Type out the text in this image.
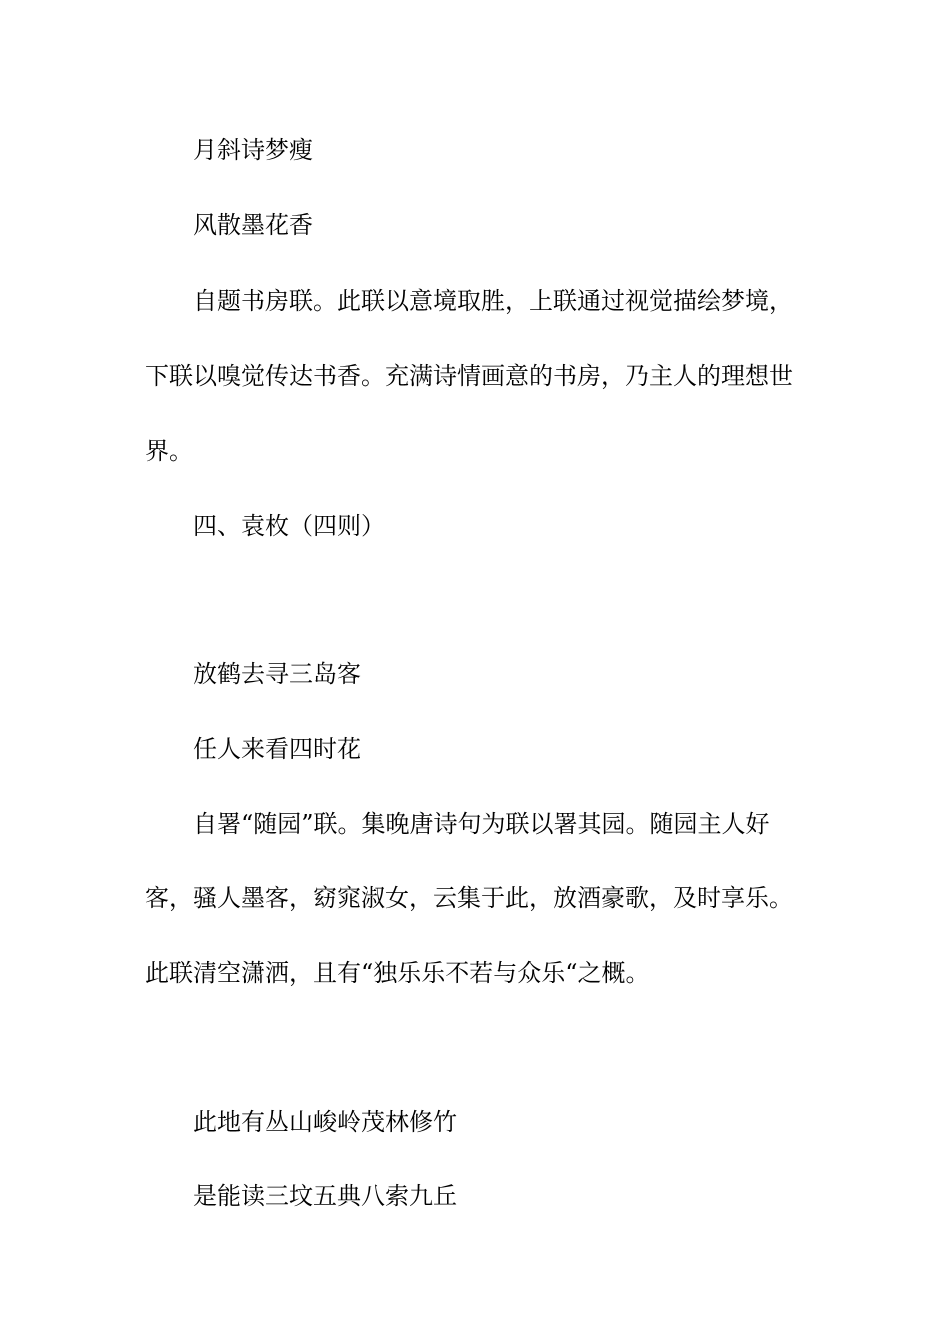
月斜诗梦瘦
风散墨花香
自题书房联。此联以意境取胜，上联通过视觉描绘梦境，
下联以嗅觉传达书香。充满诗情画意的书房，乃主人的理想世
界。
四、袁枚（四则）
放鹤去寻三岛客
任人来看四时花
自署“随园”联。集晚唐诗句为联以署其园。随园主人好
客，骚人墨客，窈窕淑女，云集于此，放酒豪歌，及时享乐。
此联清空潇洒，且有“独乐乐不若与众乐“之概。
此地有丛山峻岭茂林修竹
是能读三坟五典八索九丘
